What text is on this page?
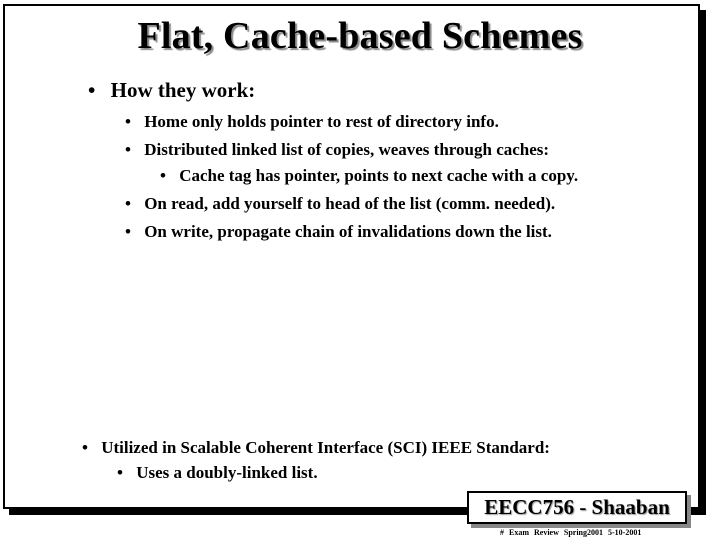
Flat, Cache-based Schemes
• How they work:
• Home only holds pointer to rest of directory info.
• Distributed linked list of copies, weaves through caches:
• Cache tag has pointer, points to next cache with a copy.
• On read, add yourself to head of the list (comm. needed).
• On write, propagate chain of invalidations down the list.
• Utilized in Scalable Coherent Interface (SCI) IEEE Standard:
• Uses a doubly-linked list.
EECC756 - Shaaban
# Exam Review Spring2001 5-10-2001
